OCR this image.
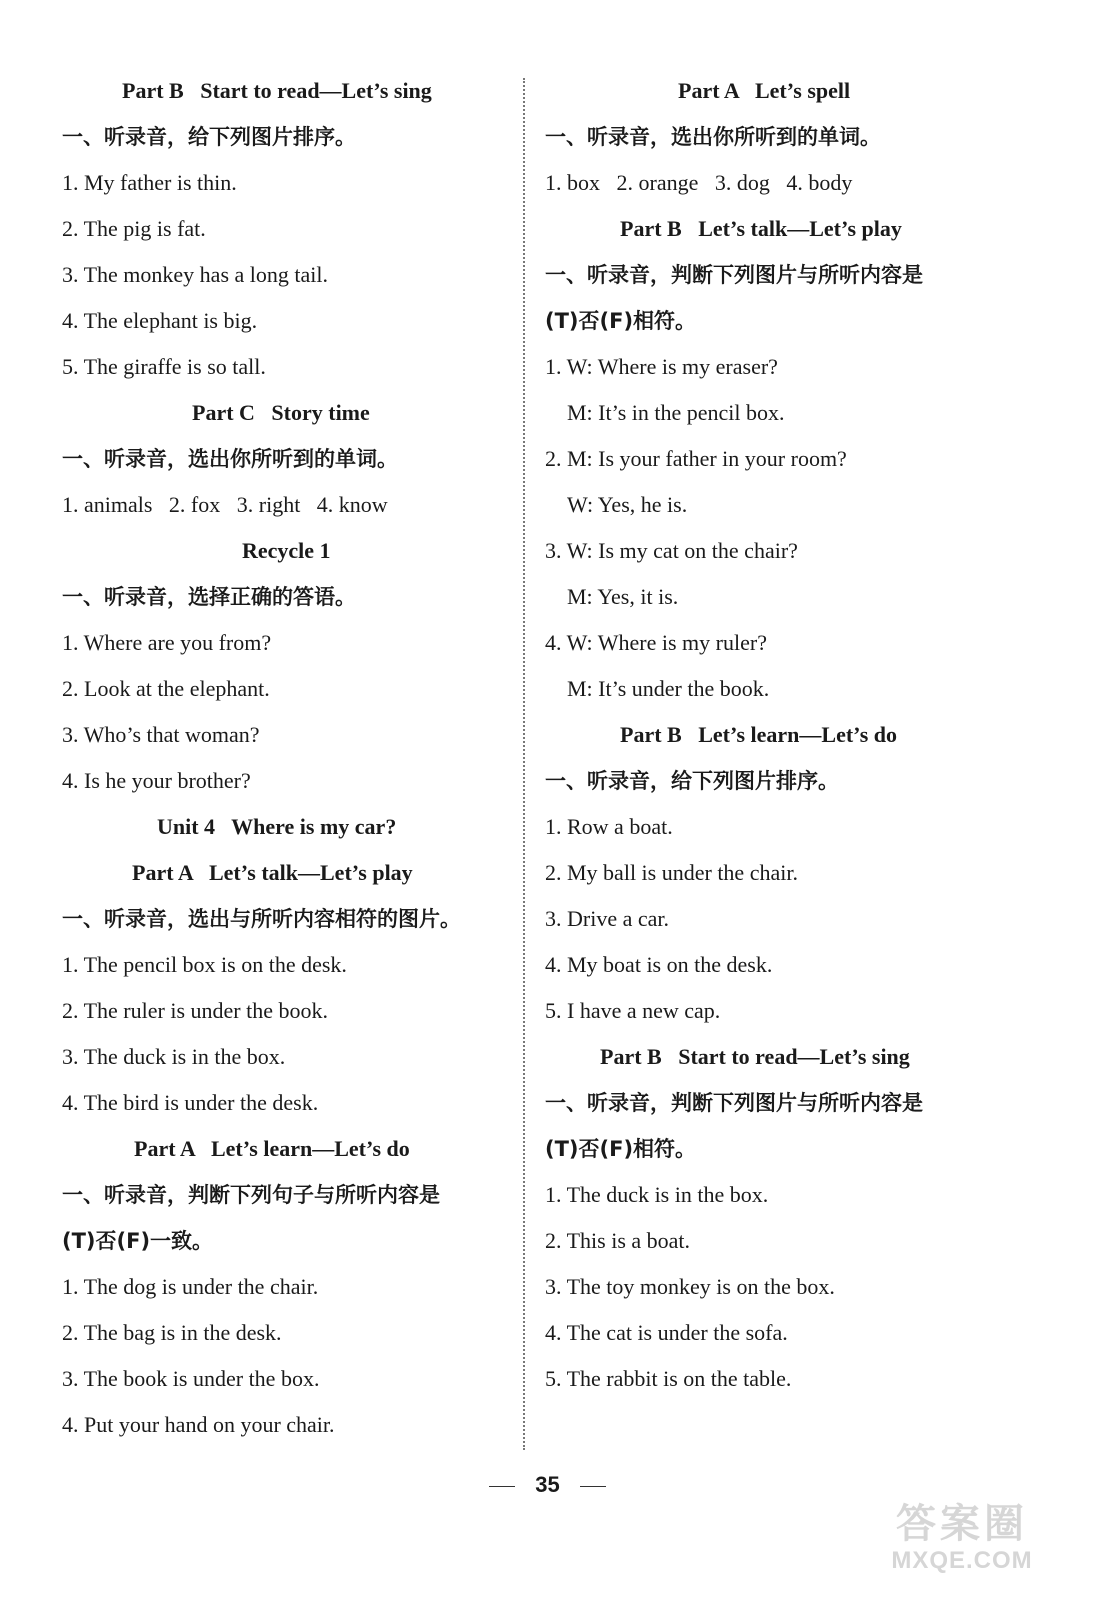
Part B   Start to read—Let’s sing
一、听录音，给下列图片排序。
1. My father is thin.
2. The pig is fat.
3. The monkey has a long tail.
4. The elephant is big.
5. The giraffe is so tall.
Part C   Story time
一、听录音，选出你所听到的单词。
1. animals   2. fox   3. right   4. know
Recycle 1
一、听录音，选择正确的答语。
1. Where are you from?
2. Look at the elephant.
3. Who’s that woman?
4. Is he your brother?
Unit 4   Where is my car?
Part A   Let’s talk—Let’s play
一、听录音，选出与所听内容相符的图片。
1. The pencil box is on the desk.
2. The ruler is under the book.
3. The duck is in the box.
4. The bird is under the desk.
Part A   Let’s learn—Let’s do
一、听录音，判断下列句子与所听内容是
(T)否(F)一致。
1. The dog is under the chair.
2. The bag is in the desk.
3. The book is under the box.
4. Put your hand on your chair.
Part A   Let’s spell
一、听录音，选出你所听到的单词。
1. box   2. orange   3. dog   4. body
Part B   Let’s talk—Let’s play
一、听录音，判断下列图片与所听内容是
(T)否(F)相符。
1. W: Where is my eraser?
M: It’s in the pencil box.
2. M: Is your father in your room?
W: Yes, he is.
3. W: Is my cat on the chair?
M: Yes, it is.
4. W: Where is my ruler?
M: It’s under the book.
Part B   Let’s learn—Let’s do
一、听录音，给下列图片排序。
1. Row a boat.
2. My ball is under the chair.
3. Drive a car.
4. My boat is on the desk.
5. I have a new cap.
Part B   Start to read—Let’s sing
一、听录音，判断下列图片与所听内容是
(T)否(F)相符。
1. The duck is in the box.
2. This is a boat.
3. The toy monkey is on the box.
4. The cat is under the sofa.
5. The rabbit is on the table.
35
答案圈
MXQE.COM
